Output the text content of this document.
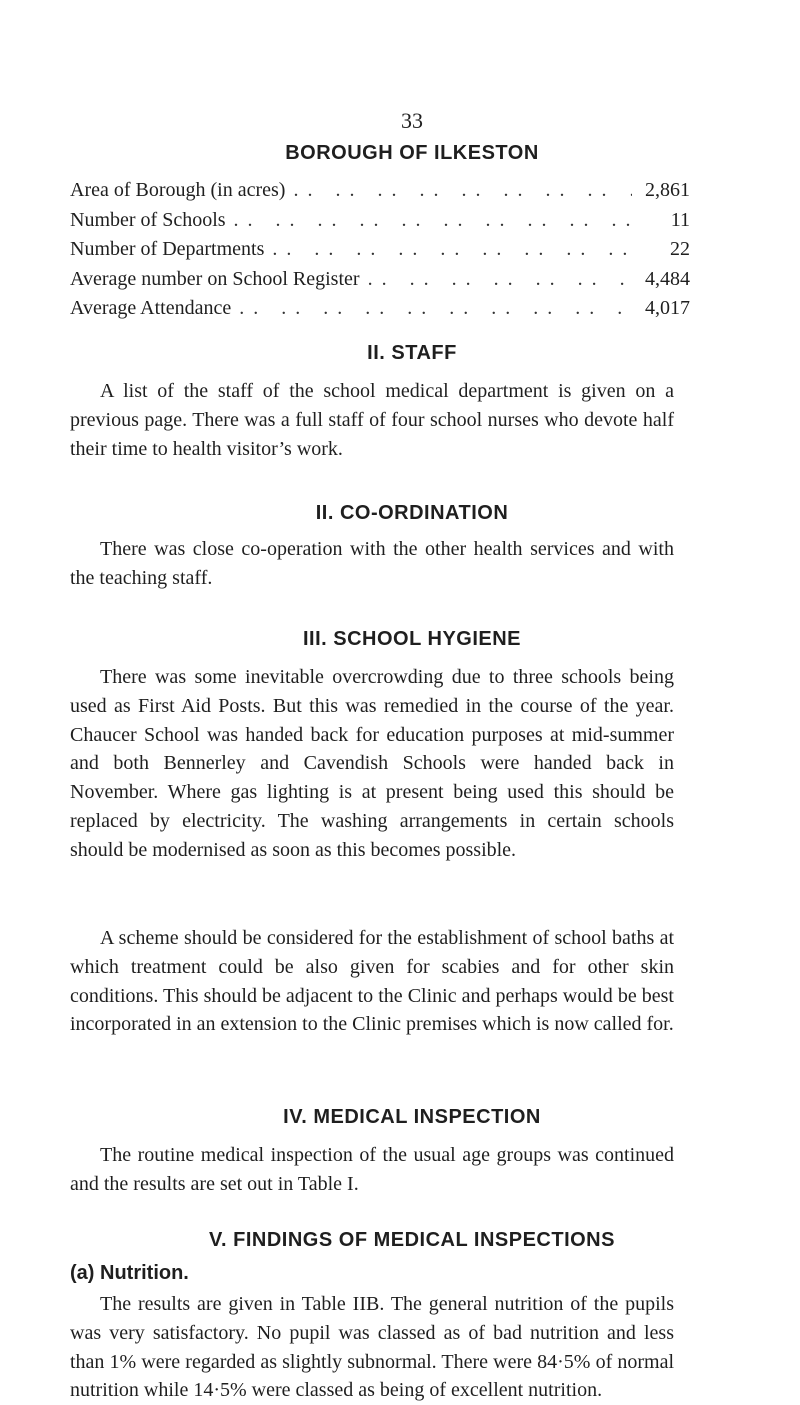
33
BOROUGH OF ILKESTON
Area of Borough (in acres) . .	2,861
Number of Schools . .	11
Number of Departments . .	22
Average number on School Register . .	4,484
Average Attendance . .	4,017
II. STAFF

A list of the staff of the school medical department is given on a previous page. There was a full staff of four school nurses who devote half their time to health visitor’s work.

II. CO-ORDINATION

There was close co-operation with the other health services and with the teaching staff.

III. SCHOOL HYGIENE

There was some inevitable overcrowding due to three schools being used as First Aid Posts. But this was remedied in the course of the year. Chaucer School was handed back for education purposes at mid-summer and both Bennerley and Cavendish Schools were handed back in November. Where gas lighting is at present being used this should be replaced by electricity. The washing arrangements in certain schools should be modernised as soon as this becomes possible.

A scheme should be considered for the establishment of school baths at which treatment could be also given for scabies and for other skin conditions. This should be adjacent to the Clinic and perhaps would be best incorporated in an extension to the Clinic premises which is now called for.

IV. MEDICAL INSPECTION

The routine medical inspection of the usual age groups was continued and the results are set out in Table I.

V. FINDINGS OF MEDICAL INSPECTIONS
(a) Nutrition.

The results are given in Table IIB. The general nutrition of the pupils was very satisfactory. No pupil was classed as of bad nutrition and less than 1% were regarded as slightly subnormal. There were 84·5% of normal nutrition while 14·5% were classed as being of excellent nutrition.
